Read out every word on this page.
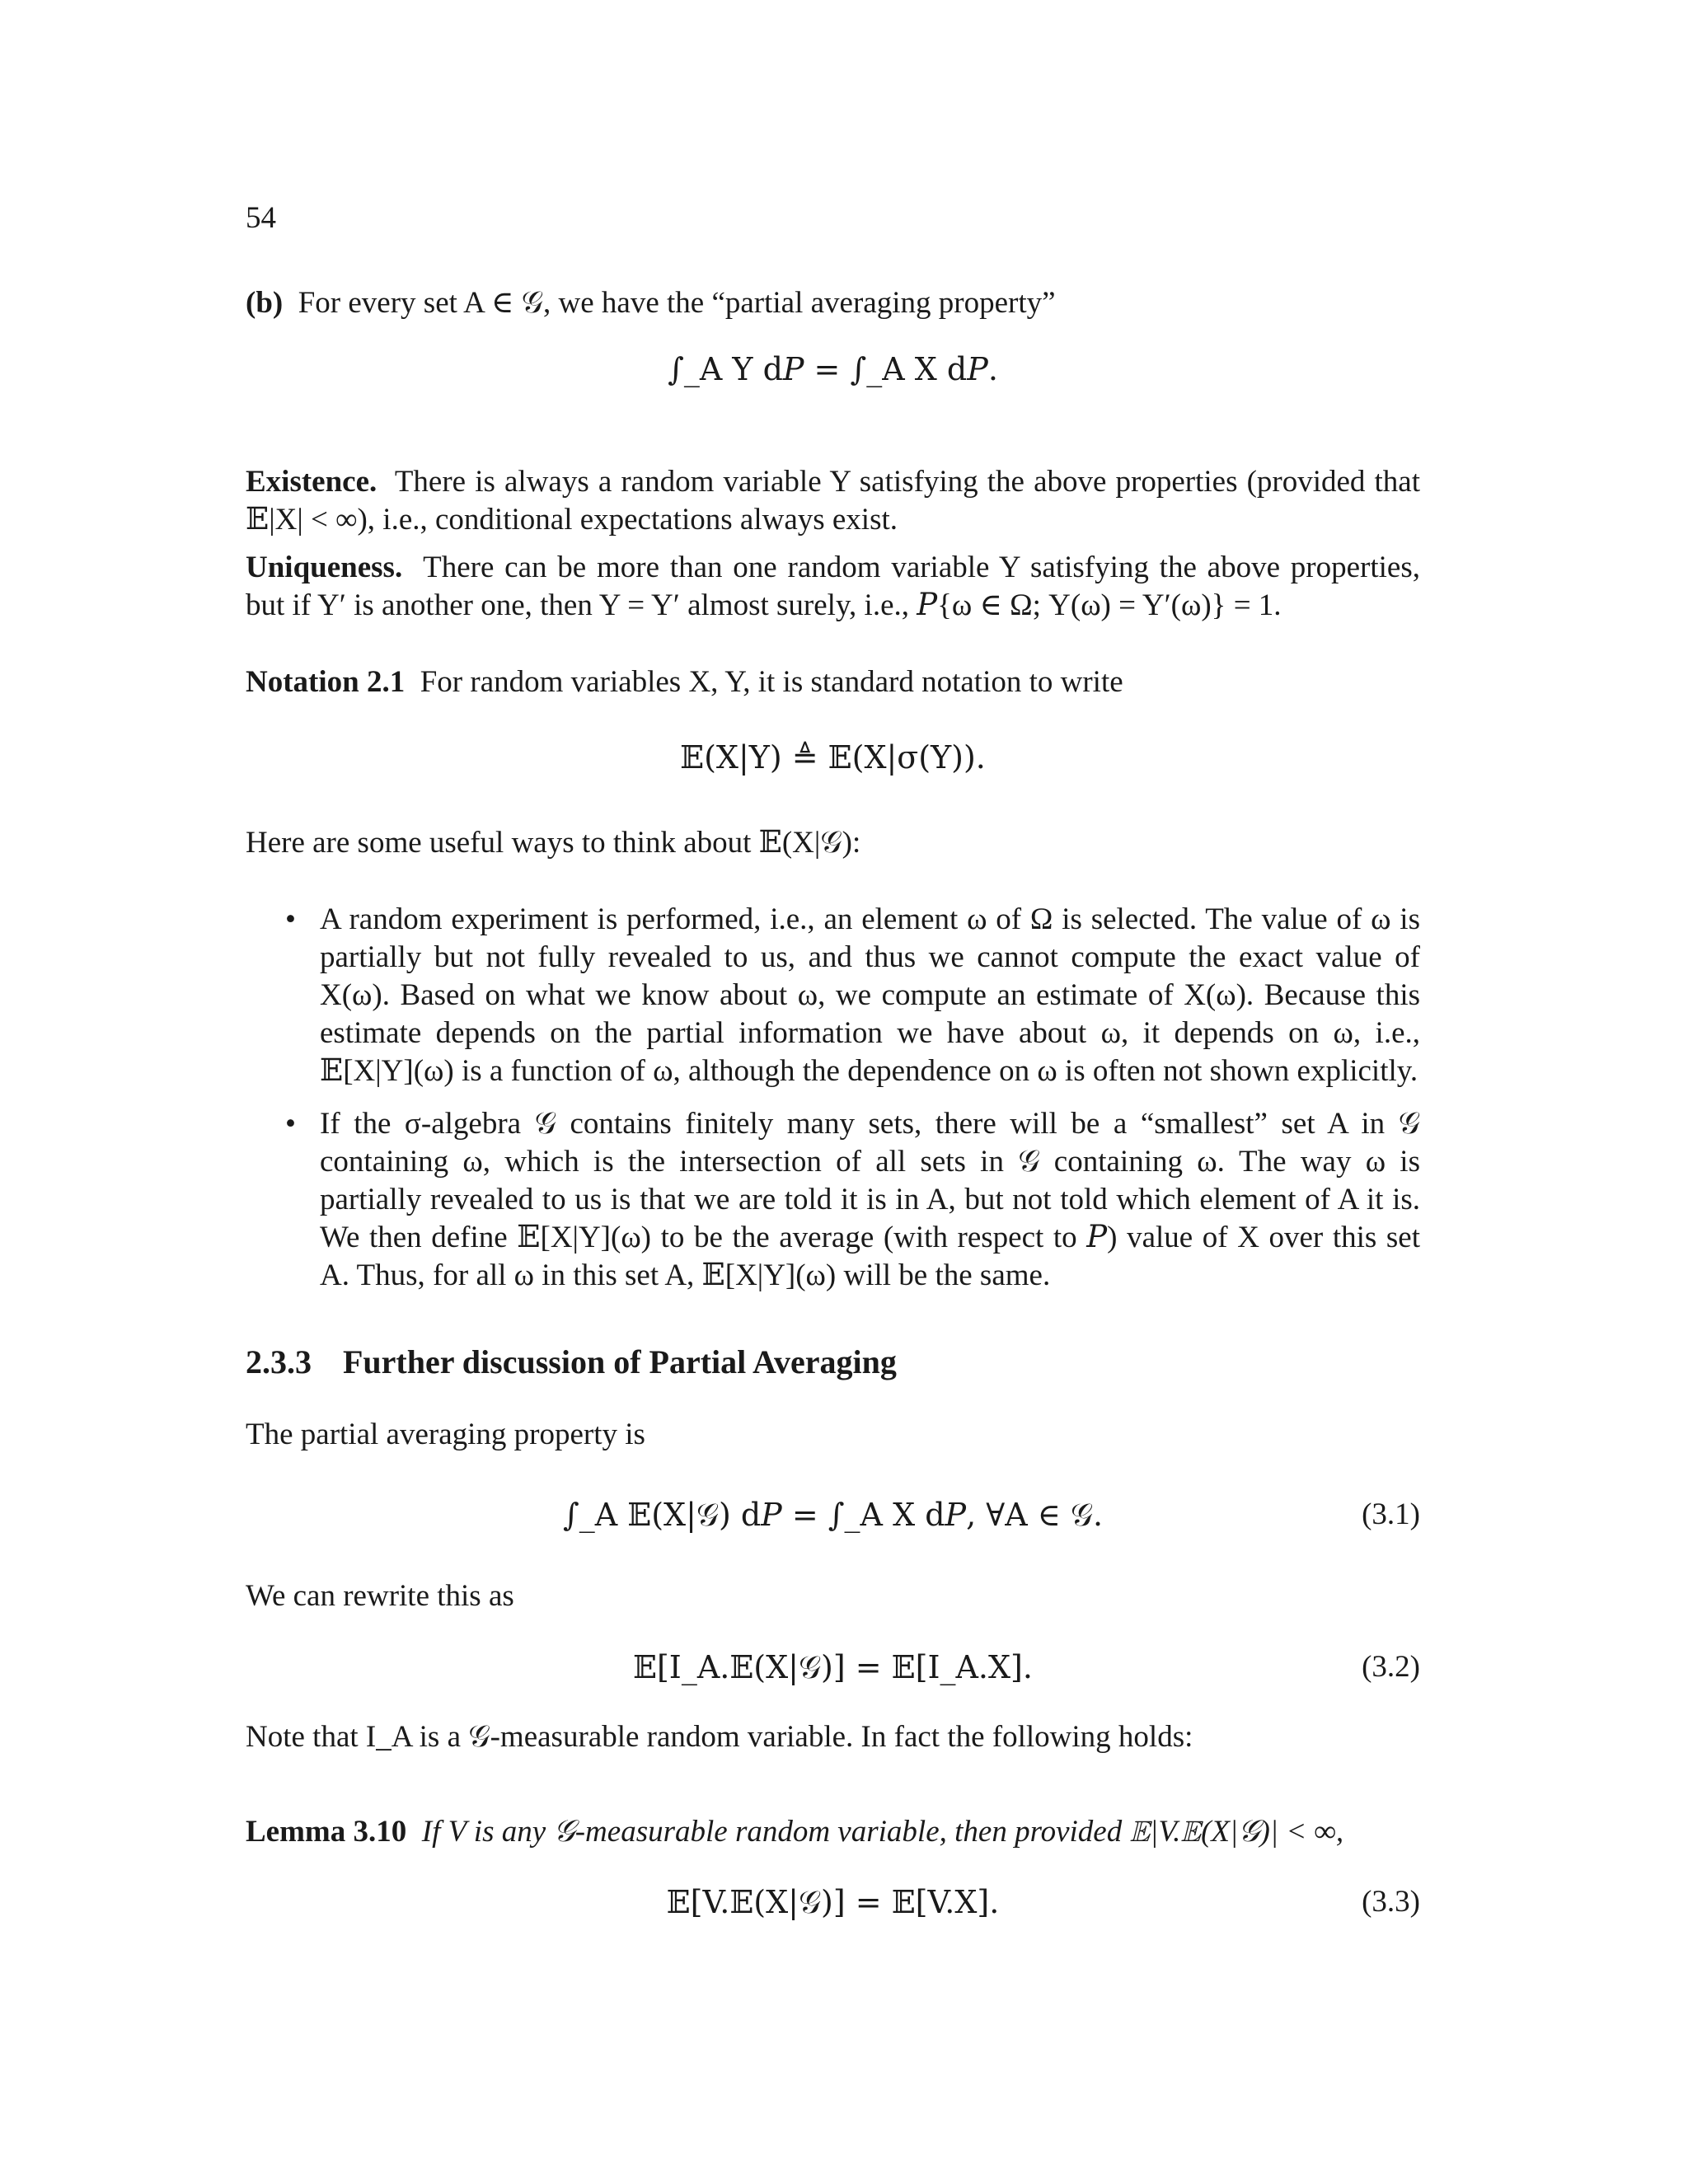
54
(b) For every set A ∈ 𝒢, we have the “partial averaging property”
∫_A Y d𝑃 = ∫_A X d𝑃.
Existence. There is always a random variable Y satisfying the above properties (provided that 𝔼|X| < ∞), i.e., conditional expectations always exist.
Uniqueness. There can be more than one random variable Y satisfying the above properties, but if Y′ is another one, then Y = Y′ almost surely, i.e., 𝑃{ω ∈ Ω; Y(ω) = Y′(ω)} = 1.
Notation 2.1 For random variables X, Y, it is standard notation to write
𝔼(X|Y) ≜ 𝔼(X|σ(Y)).
Here are some useful ways to think about 𝔼(X|𝒢):
• A random experiment is performed, i.e., an element ω of Ω is selected. The value of ω is partially but not fully revealed to us, and thus we cannot compute the exact value of X(ω). Based on what we know about ω, we compute an estimate of X(ω). Because this estimate depends on the partial information we have about ω, it depends on ω, i.e., 𝔼[X|Y](ω) is a function of ω, although the dependence on ω is often not shown explicitly.
• If the σ-algebra 𝒢 contains finitely many sets, there will be a “smallest” set A in 𝒢 containing ω, which is the intersection of all sets in 𝒢 containing ω. The way ω is partially revealed to us is that we are told it is in A, but not told which element of A it is. We then define 𝔼[X|Y](ω) to be the average (with respect to 𝑃) value of X over this set A. Thus, for all ω in this set A, 𝔼[X|Y](ω) will be the same.
2.3.3 Further discussion of Partial Averaging
The partial averaging property is
∫_A 𝔼(X|𝒢) d𝑃 = ∫_A X d𝑃, ∀A ∈ 𝒢.	(3.1)
We can rewrite this as
𝔼[I_A.𝔼(X|𝒢)] = 𝔼[I_A.X].	(3.2)
Note that I_A is a 𝒢-measurable random variable. In fact the following holds:
Lemma 3.10 If V is any 𝒢-measurable random variable, then provided 𝔼|V.𝔼(X|𝒢)| < ∞,
𝔼[V.𝔼(X|𝒢)] = 𝔼[V.X].	(3.3)
